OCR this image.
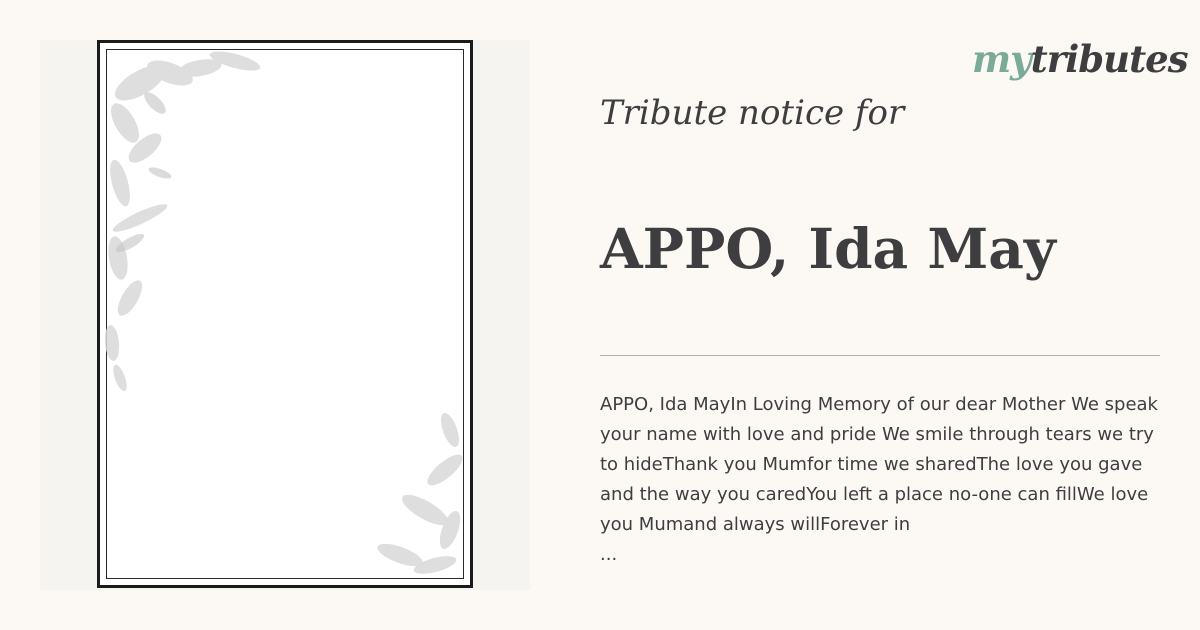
mytributes
Tribute notice for
APPO, Ida May
APPO, Ida MayIn Loving Memory of our dear Mother We speak your name with love and pride We smile through tears we try to hideThank you Mumfor time we sharedThe love you gave and the way you caredYou left a place no-one can fillWe love you Mumand always willForever in
...
